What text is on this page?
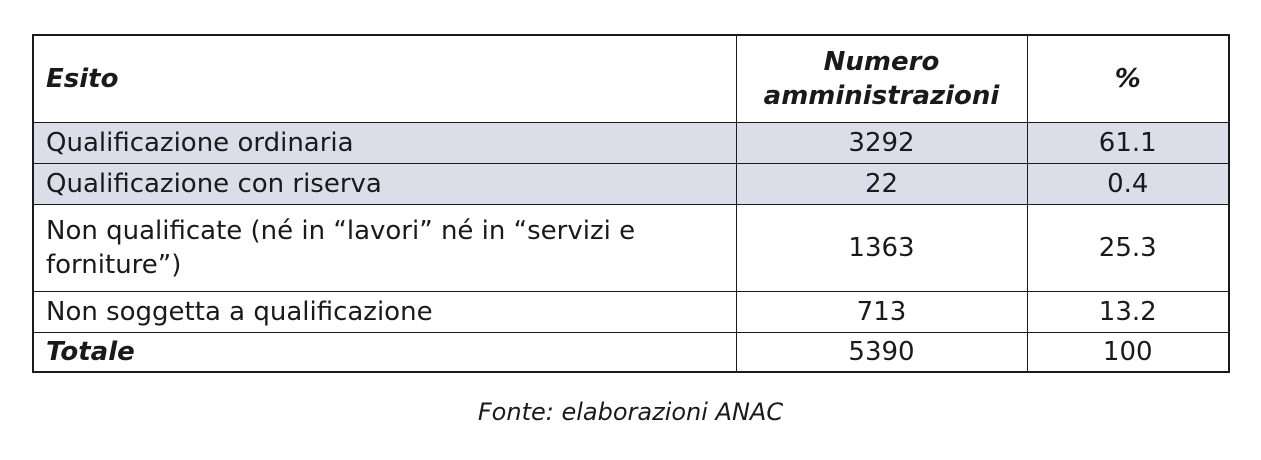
Esito	Numero amministrazioni	%
Qualificazione ordinaria	3292	61.1
Qualificazione con riserva	22	0.4
Non qualificate (né in “lavori” né in “servizi e forniture”)	1363	25.3
Non soggetta a qualificazione	713	13.2
Totale	5390	100
Fonte: elaborazioni ANAC
